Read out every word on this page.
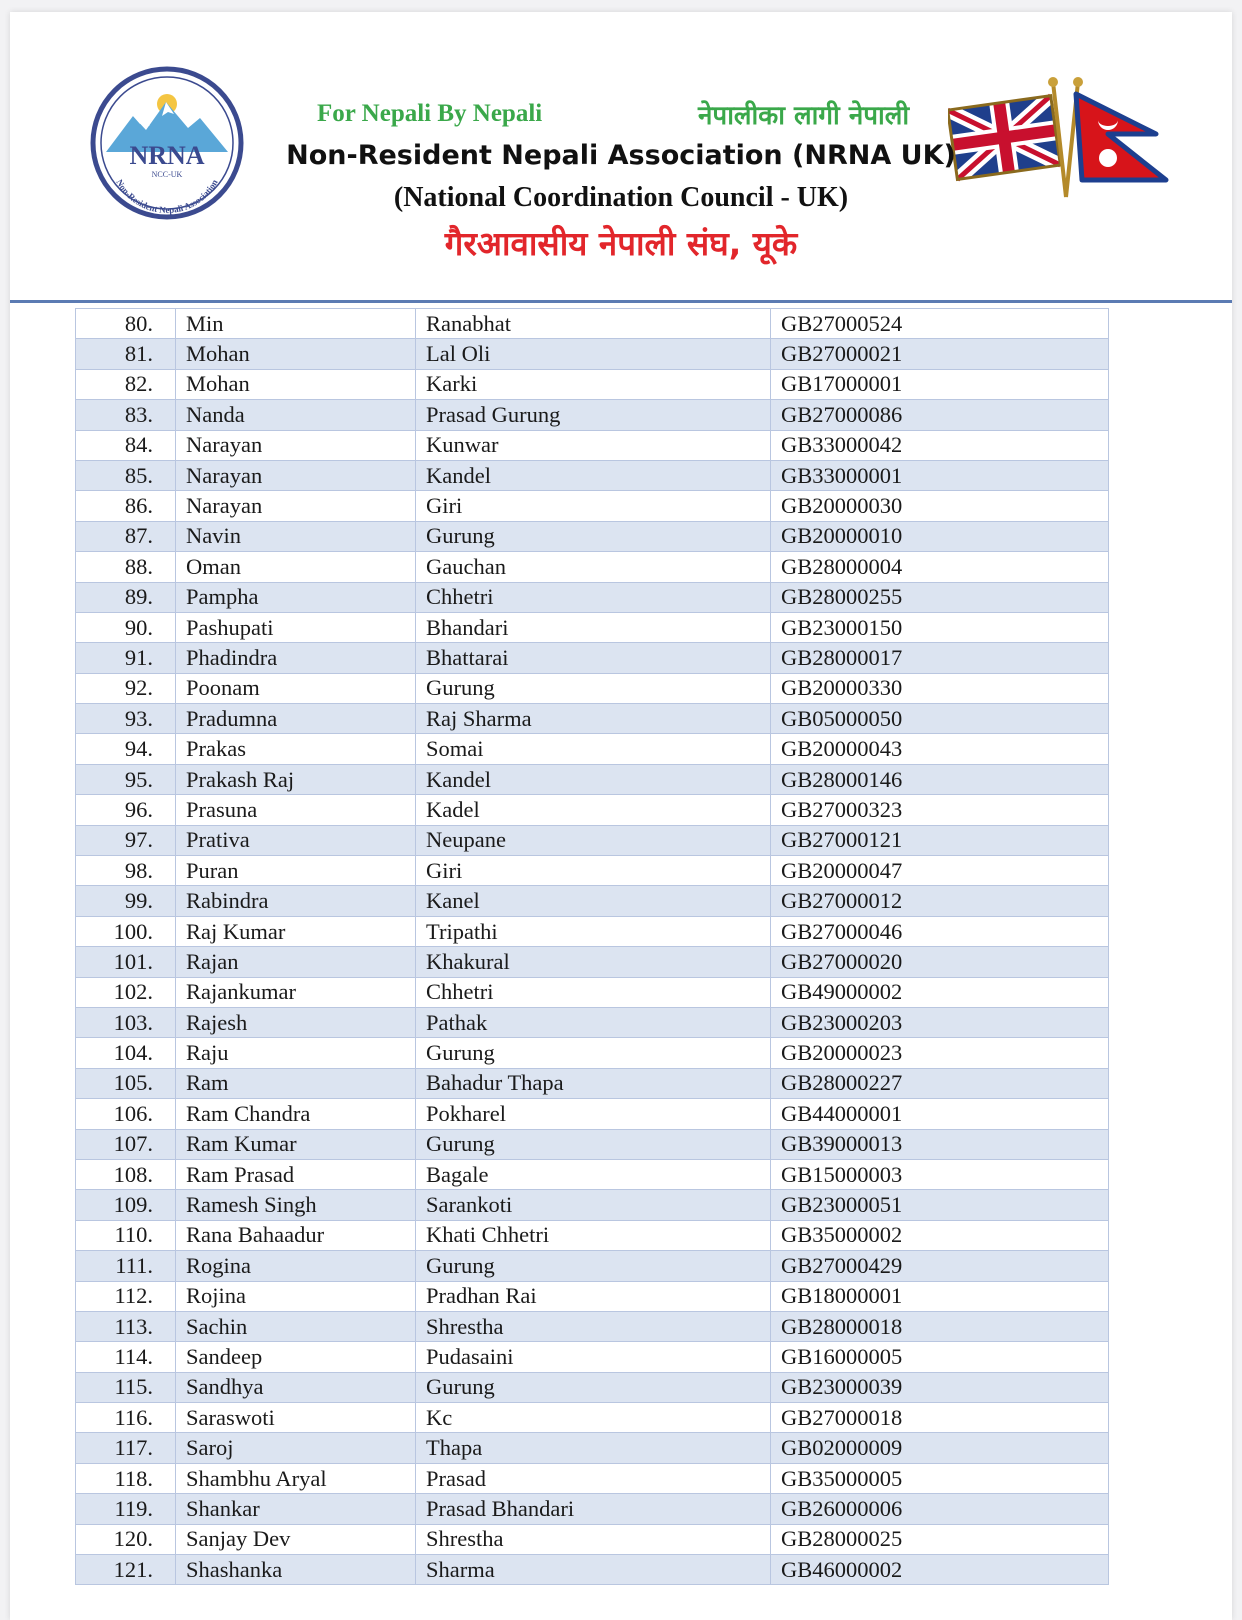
NRNA
NCC-UK
Non-Resident Nepali Association
For Nepali By Nepali	नेपालीका लागी नेपाली
Non-Resident Nepali Association (NRNA UK)
(National Coordination Council - UK)
गैरआवासीय नेपाली संघ, यूके
80.	Min	Ranabhat	GB27000524
81.	Mohan	Lal Oli	GB27000021
82.	Mohan	Karki	GB17000001
83.	Nanda	Prasad Gurung	GB27000086
84.	Narayan	Kunwar	GB33000042
85.	Narayan	Kandel	GB33000001
86.	Narayan	Giri	GB20000030
87.	Navin	Gurung	GB20000010
88.	Oman	Gauchan	GB28000004
89.	Pampha	Chhetri	GB28000255
90.	Pashupati	Bhandari	GB23000150
91.	Phadindra	Bhattarai	GB28000017
92.	Poonam	Gurung	GB20000330
93.	Pradumna	Raj Sharma	GB05000050
94.	Prakas	Somai	GB20000043
95.	Prakash Raj	Kandel	GB28000146
96.	Prasuna	Kadel	GB27000323
97.	Prativa	Neupane	GB27000121
98.	Puran	Giri	GB20000047
99.	Rabindra	Kanel	GB27000012
100.	Raj Kumar	Tripathi	GB27000046
101.	Rajan	Khakural	GB27000020
102.	Rajankumar	Chhetri	GB49000002
103.	Rajesh	Pathak	GB23000203
104.	Raju	Gurung	GB20000023
105.	Ram	Bahadur Thapa	GB28000227
106.	Ram Chandra	Pokharel	GB44000001
107.	Ram Kumar	Gurung	GB39000013
108.	Ram Prasad	Bagale	GB15000003
109.	Ramesh Singh	Sarankoti	GB23000051
110.	Rana Bahaadur	Khati Chhetri	GB35000002
111.	Rogina	Gurung	GB27000429
112.	Rojina	Pradhan Rai	GB18000001
113.	Sachin	Shrestha	GB28000018
114.	Sandeep	Pudasaini	GB16000005
115.	Sandhya	Gurung	GB23000039
116.	Saraswoti	Kc	GB27000018
117.	Saroj	Thapa	GB02000009
118.	Shambhu Aryal	Prasad	GB35000005
119.	Shankar	Prasad Bhandari	GB26000006
120.	Sanjay Dev	Shrestha	GB28000025
121.	Shashanka	Sharma	GB46000002
